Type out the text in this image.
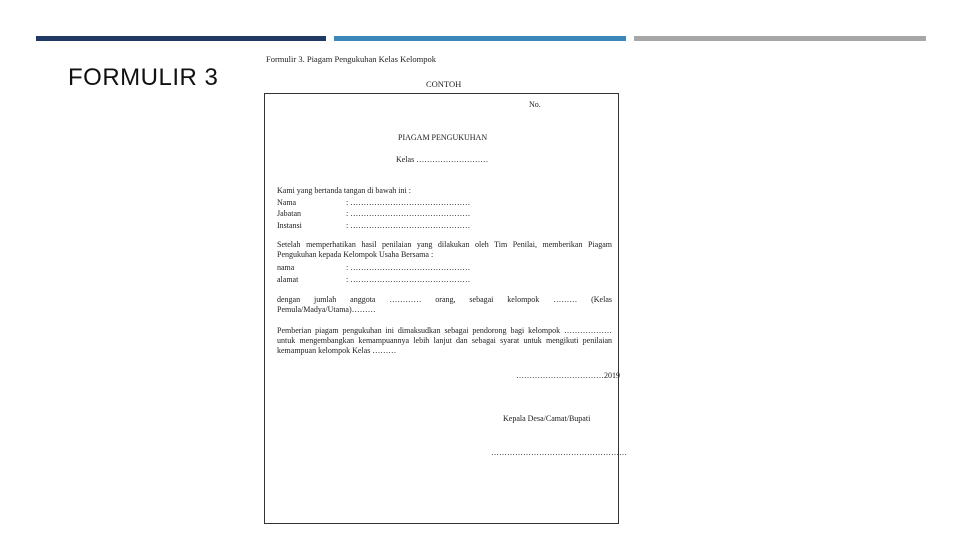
FORMULIR 3
Formulir 3. Piagam Pengukuhan Kelas Kelompok
CONTOH
No.
PIAGAM PENGUKUHAN
Kelas ………………………
Kami yang bertanda tangan di bawah ini :
Nama	: ………………………………………
Jabatan	: ………………………………………
Instansi	: ………………………………………
Setelah memperhatikan hasil penilaian yang dilakukan oleh Tim Penilai, memberikan Piagam Pengukuhan kepada Kelompok Usaha Bersama :
nama	: ………………………………………
alamat	: ………………………………………
dengan jumlah anggota ………… orang, sebagai kelompok ……… (Kelas Pemula/Madya/Utama)………
Pemberian piagam pengukuhan ini dimaksudkan sebagai pendorong bagi kelompok ……………… untuk mengembangkan kemampuannya lebih lanjut dan sebagai syarat untuk mengikuti penilaian kemampuan kelompok Kelas ………
……………………………2019
Kepala Desa/Camat/Bupati
……………………………………………
